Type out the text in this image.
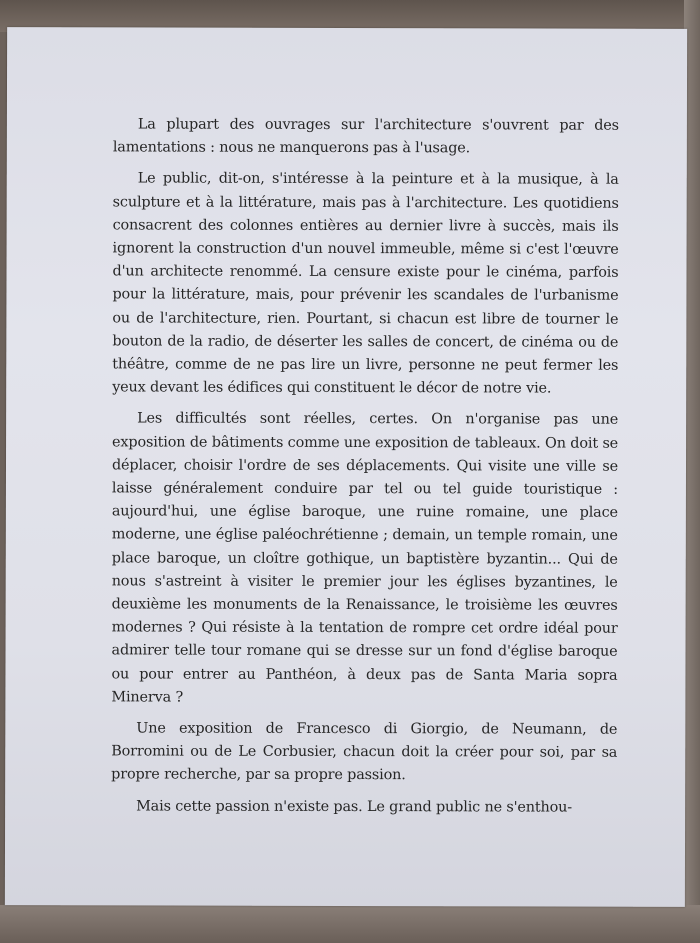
La plupart des ouvrages sur l'architecture s'ouvrent par des lamentations : nous ne manquerons pas à l'usage.

Le public, dit-on, s'intéresse à la peinture et à la musique, à la sculpture et à la littérature, mais pas à l'architecture. Les quotidiens consacrent des colonnes entières au dernier livre à succès, mais ils ignorent la construction d'un nouvel immeuble, même si c'est l'œuvre d'un architecte renommé. La censure existe pour le cinéma, parfois pour la littérature, mais, pour prévenir les scandales de l'urbanisme ou de l'architecture, rien. Pourtant, si chacun est libre de tourner le bouton de la radio, de déserter les salles de concert, de cinéma ou de théâtre, comme de ne pas lire un livre, personne ne peut fermer les yeux devant les édifices qui constituent le décor de notre vie.

Les difficultés sont réelles, certes. On n'organise pas une exposition de bâtiments comme une exposition de tableaux. On doit se déplacer, choisir l'ordre de ses déplacements. Qui visite une ville se laisse généralement conduire par tel ou tel guide touristique : aujourd'hui, une église baroque, une ruine romaine, une place moderne, une église paléochrétienne ; demain, un temple romain, une place baroque, un cloître gothique, un baptistère byzantin... Qui de nous s'astreint à visiter le premier jour les églises byzantines, le deuxième les monuments de la Renaissance, le troisième les œuvres modernes ? Qui résiste à la tentation de rompre cet ordre idéal pour admirer telle tour romane qui se dresse sur un fond d'église baroque ou pour entrer au Panthéon, à deux pas de Santa Maria sopra Minerva ?

Une exposition de Francesco di Giorgio, de Neumann, de Borromini ou de Le Corbusier, chacun doit la créer pour soi, par sa propre recherche, par sa propre passion.

Mais cette passion n'existe pas. Le grand public ne s'enthou-
